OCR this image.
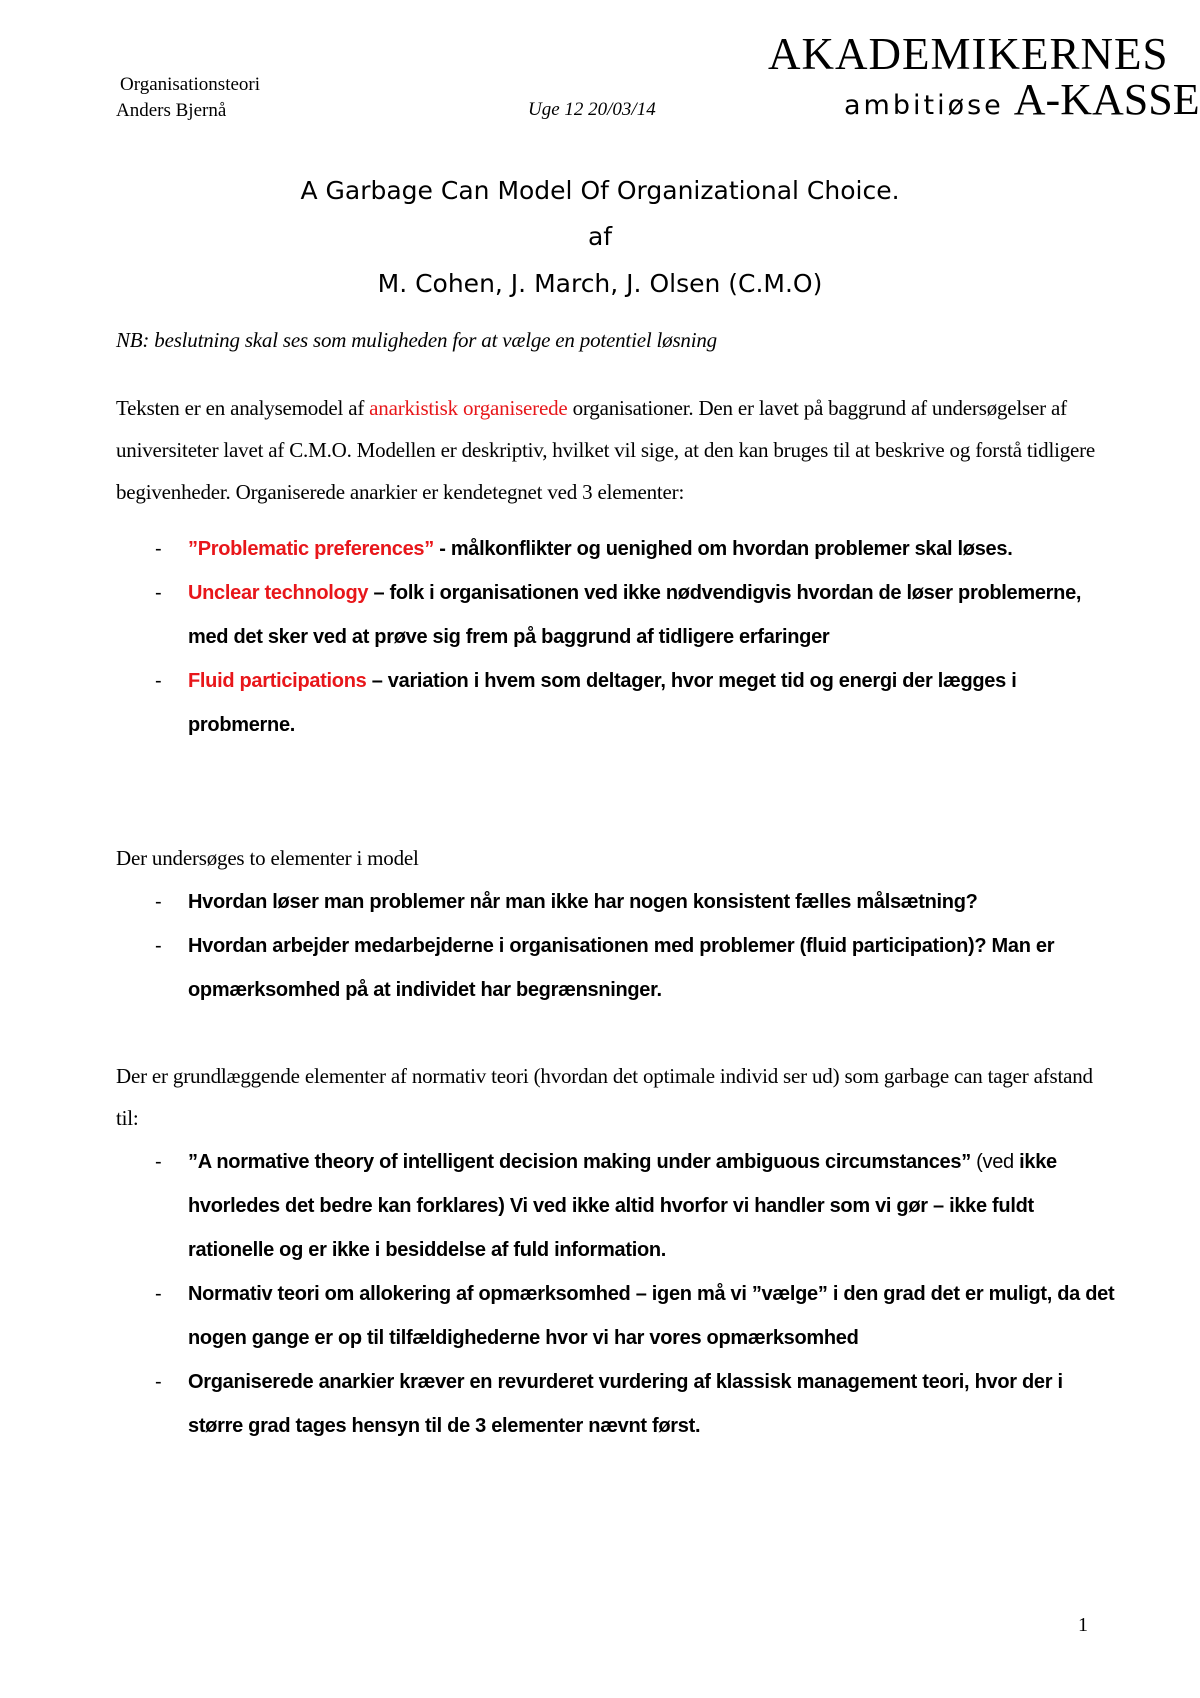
Organisationsteori
Anders Bjernå	Uge 12 20/03/14
AKADEMIKERNES
ambitiøse A-KASSE
A Garbage Can Model Of Organizational Choice.
af
M. Cohen, J. March, J. Olsen (C.M.O)
NB: beslutning skal ses som muligheden for at vælge en potentiel løsning
Teksten er en analysemodel af anarkistisk organiserede organisationer. Den er lavet på baggrund af undersøgelser af universiteter lavet af C.M.O. Modellen er deskriptiv, hvilket vil sige, at den kan bruges til at beskrive og forstå tidligere begivenheder. Organiserede anarkier er kendetegnet ved 3 elementer:
- ”Problematic preferences” - målkonflikter og uenighed om hvordan problemer skal løses.
- Unclear technology – folk i organisationen ved ikke nødvendigvis hvordan de løser problemerne, med det sker ved at prøve sig frem på baggrund af tidligere erfaringer
- Fluid participations – variation i hvem som deltager, hvor meget tid og energi der lægges i probmerne.
Der undersøges to elementer i model
- Hvordan løser man problemer når man ikke har nogen konsistent fælles målsætning?
- Hvordan arbejder medarbejderne i organisationen med problemer (fluid participation)? Man er opmærksomhed på at individet har begrænsninger.
Der er grundlæggende elementer af normativ teori (hvordan det optimale individ ser ud) som garbage can tager afstand til:
- ”A normative theory of intelligent decision making under ambiguous circumstances” (ved ikke hvorledes det bedre kan forklares) Vi ved ikke altid hvorfor vi handler som vi gør – ikke fuldt rationelle og er ikke i besiddelse af fuld information.
- Normativ teori om allokering af opmærksomhed – igen må vi ”vælge” i den grad det er muligt, da det nogen gange er op til tilfældighederne hvor vi har vores opmærksomhed
- Organiserede anarkier kræver en revurderet vurdering af klassisk management teori, hvor der i større grad tages hensyn til de 3 elementer nævnt først.
1
